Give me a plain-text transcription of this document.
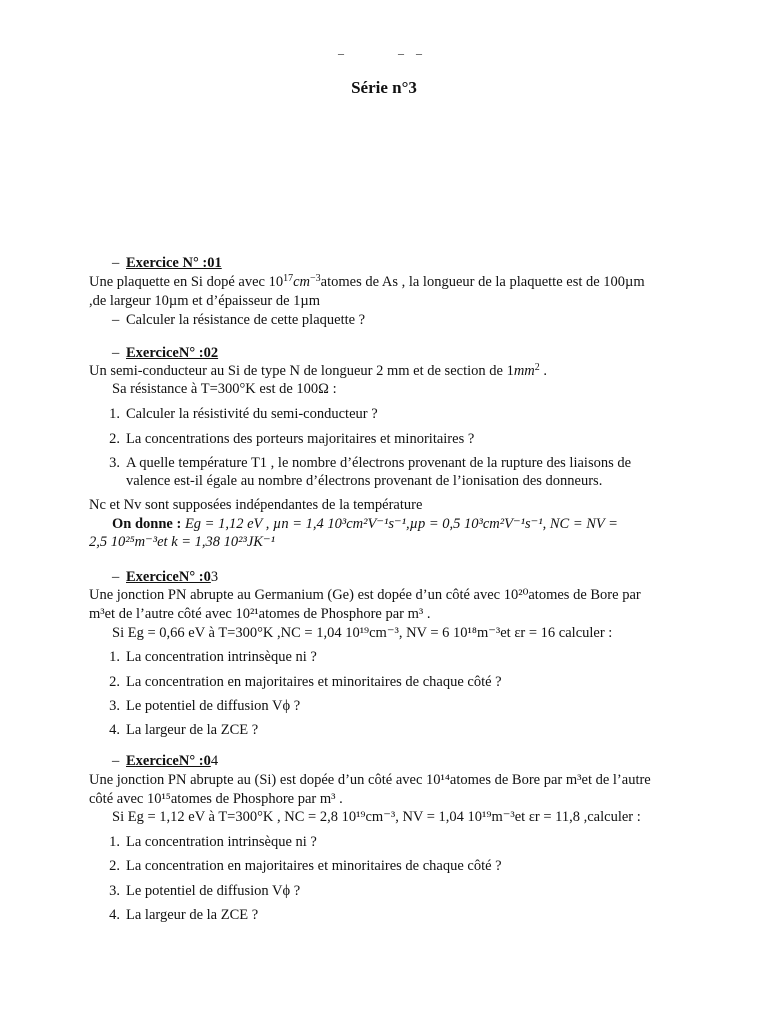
–	– –
Série n°3
– Exercice N° :01
Une plaquette en Si dopé avec $10^{17}cm^{-3}atomes$ de As , la longueur de la plaquette est de 100µm
,de largeur 10µm et d’épaisseur de 1µm
– Calculer la résistance de cette plaquette ?
– ExerciceN° :02
Un semi-conducteur au Si de type N de longueur 2 mm et de section de $1mm^2$ .
Sa résistance à T=300°K est de 100Ω :
1. Calculer la résistivité du semi-conducteur ?
2. La concentrations des porteurs majoritaires et minoritaires ?
3. A quelle température T1 , le nombre d’électrons provenant de la rupture des liaisons de
valence est-il égale au nombre d’électrons provenant de l’ionisation des donneurs.
Nc et Nv sont supposées indépendantes de la température
On donne : Eg = 1,12 eV , µn = 1,4 10³cm²V⁻¹s⁻¹,µp = 0,5 10³cm²V⁻¹s⁻¹, NC = NV =
2,5 10²⁵m⁻³et k = 1,38 10²³JK⁻¹
– ExerciceN° :03
Une jonction PN abrupte au Germanium (Ge) est dopée d’un côté avec 10²⁰atomes de Bore par
m³et de l’autre côté avec 10²¹atomes de Phosphore par m³ .
Si Eg = 0,66 eV à T=300°K ,NC = 1,04 10¹⁹cm⁻³, NV = 6 10¹⁸m⁻³et εr = 16 calculer :
1. La concentration intrinsèque ni ?
2. La concentration en majoritaires et minoritaires de chaque côté ?
3. Le potentiel de diffusion Vϕ ?
4. La largeur de la ZCE ?
– ExerciceN° :04
Une jonction PN abrupte au (Si) est dopée d’un côté avec 10¹⁴atomes de Bore par m³et de l’autre
côté avec 10¹⁵atomes de Phosphore par m³ .
Si Eg = 1,12 eV à T=300°K , NC = 2,8 10¹⁹cm⁻³, NV = 1,04 10¹⁹m⁻³et εr = 11,8 ,calculer :
1. La concentration intrinsèque ni ?
2. La concentration en majoritaires et minoritaires de chaque côté ?
3. Le potentiel de diffusion Vϕ ?
4. La largeur de la ZCE ?
